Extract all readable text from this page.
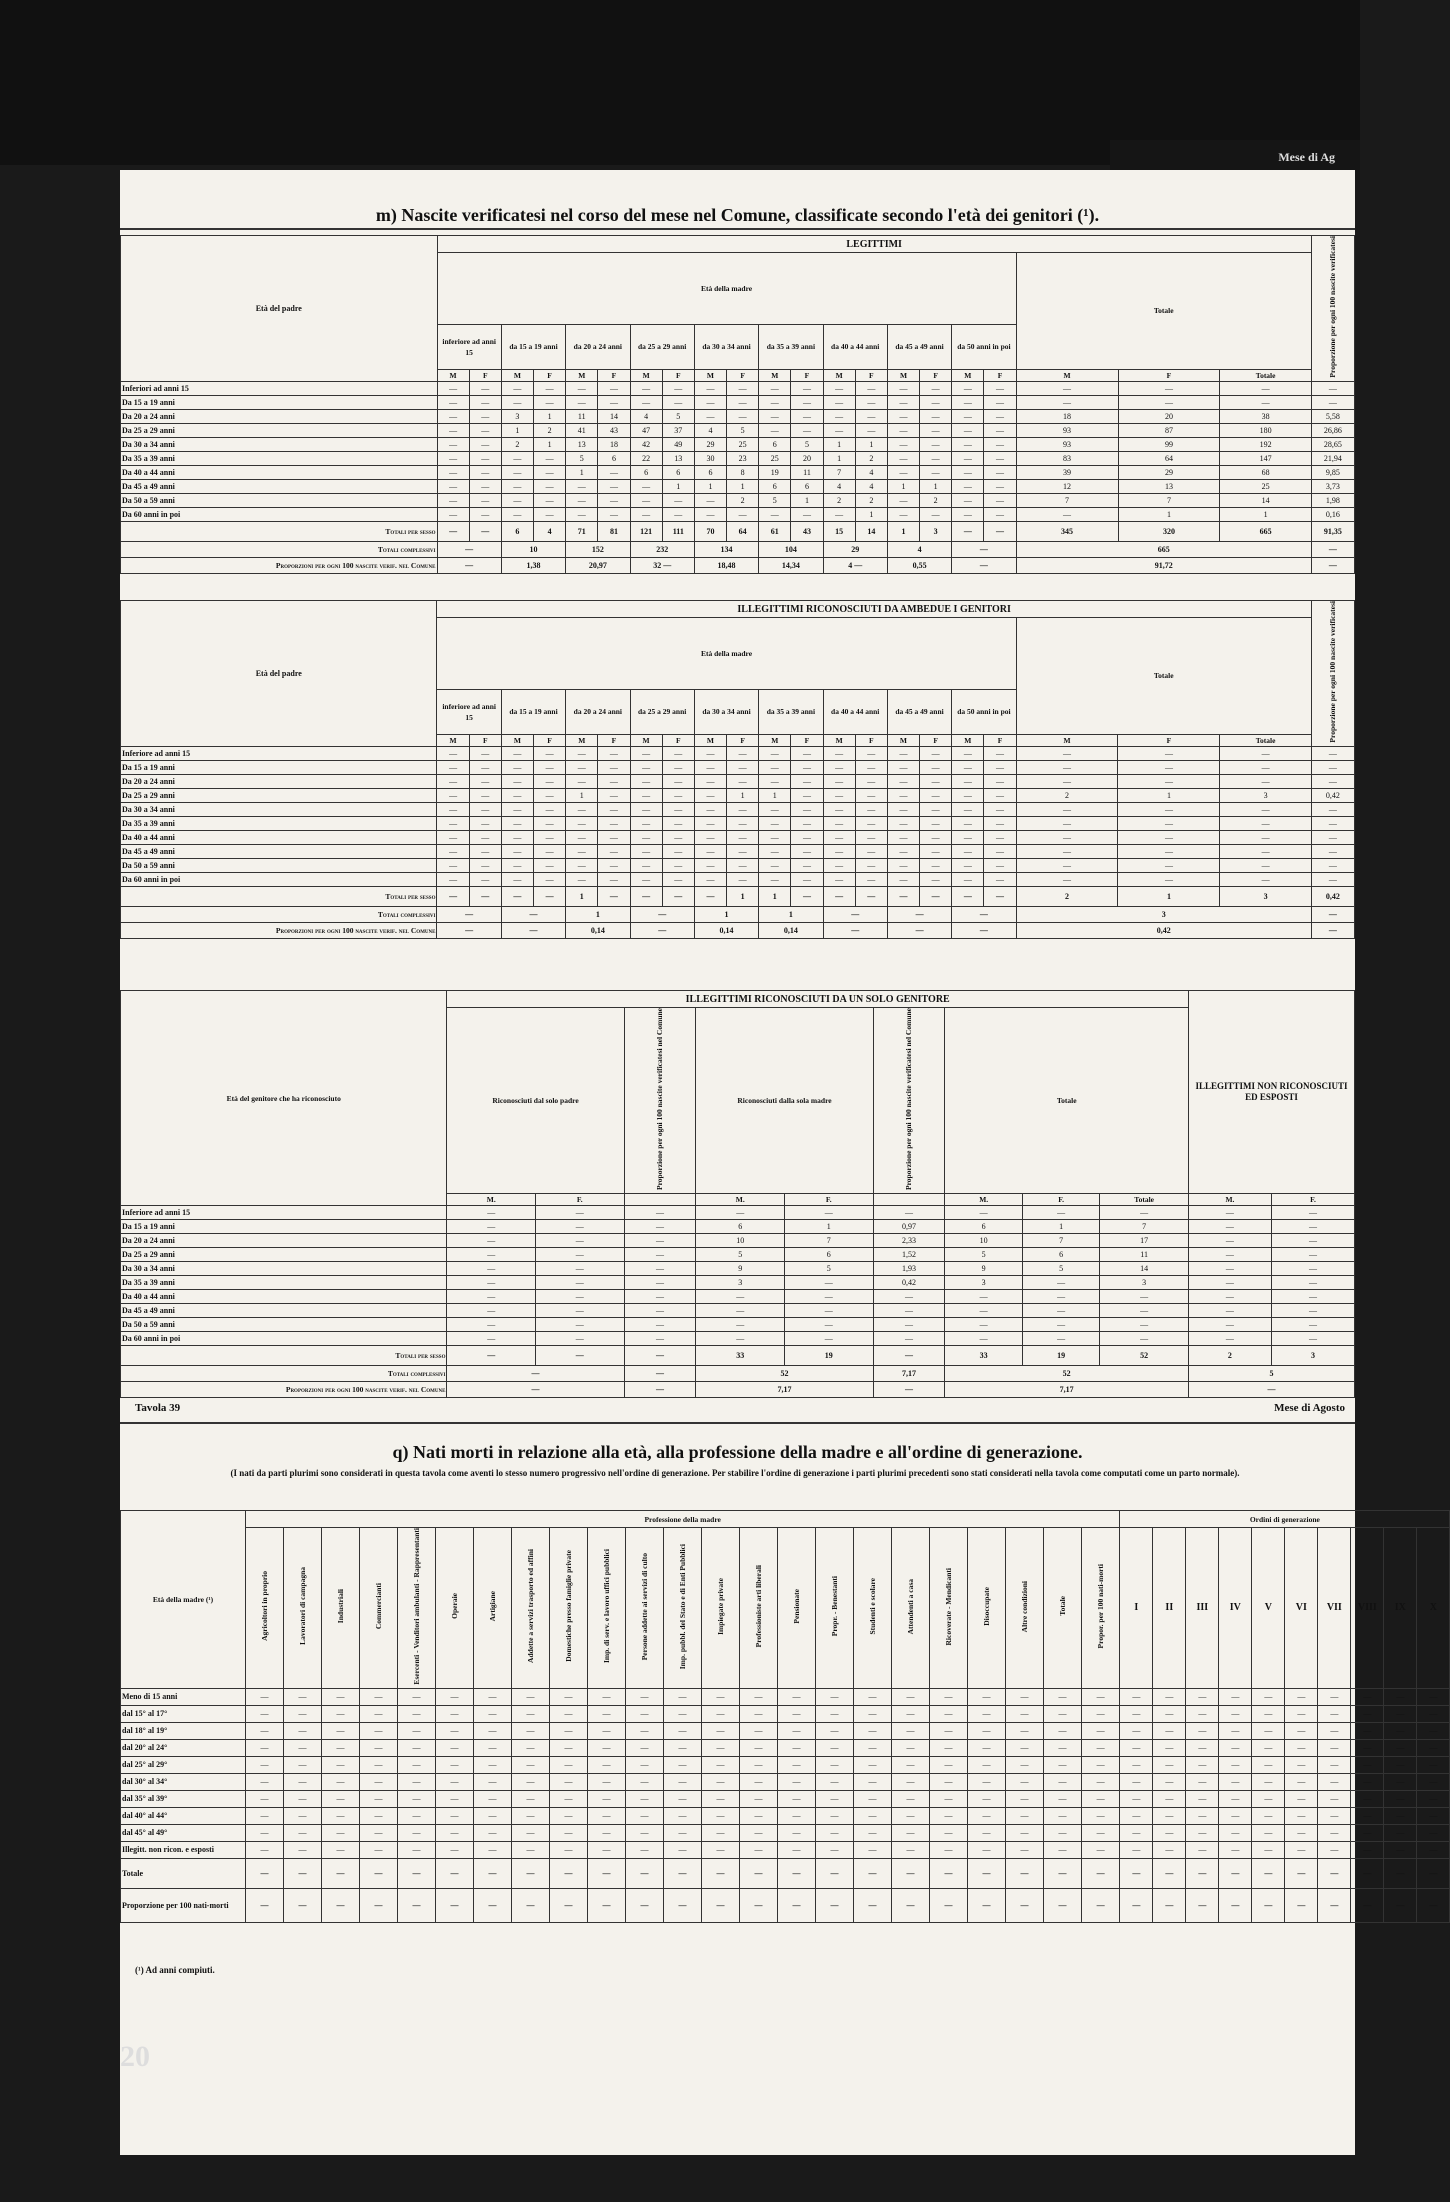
Mese di Ag
m) Nascite verificatesi nel corso del mese nel Comune, classificate secondo l'età dei genitori (¹).
Età del padre	LEGITTIMI																					Proporzione per ogni 100 nascite verificatesi
	Età della madre																		Totale			
	inferiore ad anni 15		da 15 a 19 anni		da 20 a 24 anni		da 25 a 29 anni		da 30 a 34 anni		da 35 a 39 anni		da 40 a 44 anni		da 45 a 49 anni		da 50 anni in poi					
	M	F	M	F	M	F	M	F	M	F	M	F	M	F	M	F	M	F	M	F	Totale	
Inferiori ad anni 15	—	—	—	—	—	—	—	—	—	—	—	—	—	—	—	—	—	—	—	—	—	—
Da 15 a 19 anni	—	—	—	—	—	—	—	—	—	—	—	—	—	—	—	—	—	—	—	—	—	—
Da 20 a 24 anni	—	—	3	1	11	14	4	5	—	—	—	—	—	—	—	—	—	—	18	20	38	5,58
Da 25 a 29 anni	—	—	1	2	41	43	47	37	4	5	—	—	—	—	—	—	—	—	93	87	180	26,86
Da 30 a 34 anni	—	—	2	1	13	18	42	49	29	25	6	5	1	1	—	—	—	—	93	99	192	28,65
Da 35 a 39 anni	—	—	—	—	5	6	22	13	30	23	25	20	1	2	—	—	—	—	83	64	147	21,94
Da 40 a 44 anni	—	—	—	—	1	—	6	6	6	8	19	11	7	4	—	—	—	—	39	29	68	9,85
Da 45 a 49 anni	—	—	—	—	—	—	—	1	1	1	6	6	4	4	1	1	—	—	12	13	25	3,73
Da 50 a 59 anni	—	—	—	—	—	—	—	—	—	2	5	1	2	2	—	2	—	—	7	7	14	1,98
Da 60 anni in poi	—	—	—	—	—	—	—	—	—	—	—	—	—	1	—	—	—	—	—	1	1	0,16
Totali per sesso	—	—	6	4	71	81	121	111	70	64	61	43	15	14	1	3	—	—	345	320	665	91,35
Totali complessivi	—		10		152		232		134		104		29		4		—		665			—
Proporzioni per ogni 100 nascite verif. nel Comune	—		1,38		20,97		32 —		18,48		14,34		4 —		0,55		—		91,72			—
Età del padre	ILLEGITTIMI RICONOSCIUTI DA AMBEDUE I GENITORI																					Proporzione per ogni 100 nascite verificatesi
	Età della madre																		Totale			
	inferiore ad anni 15		da 15 a 19 anni		da 20 a 24 anni		da 25 a 29 anni		da 30 a 34 anni		da 35 a 39 anni		da 40 a 44 anni		da 45 a 49 anni		da 50 anni in poi					
	M	F	M	F	M	F	M	F	M	F	M	F	M	F	M	F	M	F	M	F	Totale	
Inferiore ad anni 15	—	—	—	—	—	—	—	—	—	—	—	—	—	—	—	—	—	—	—	—	—	—
Da 15 a 19 anni	—	—	—	—	—	—	—	—	—	—	—	—	—	—	—	—	—	—	—	—	—	—
Da 20 a 24 anni	—	—	—	—	—	—	—	—	—	—	—	—	—	—	—	—	—	—	—	—	—	—
Da 25 a 29 anni	—	—	—	—	1	—	—	—	—	1	1	—	—	—	—	—	—	—	2	1	3	0,42
Da 30 a 34 anni	—	—	—	—	—	—	—	—	—	—	—	—	—	—	—	—	—	—	—	—	—	—
Da 35 a 39 anni	—	—	—	—	—	—	—	—	—	—	—	—	—	—	—	—	—	—	—	—	—	—
Da 40 a 44 anni	—	—	—	—	—	—	—	—	—	—	—	—	—	—	—	—	—	—	—	—	—	—
Da 45 a 49 anni	—	—	—	—	—	—	—	—	—	—	—	—	—	—	—	—	—	—	—	—	—	—
Da 50 a 59 anni	—	—	—	—	—	—	—	—	—	—	—	—	—	—	—	—	—	—	—	—	—	—
Da 60 anni in poi	—	—	—	—	—	—	—	—	—	—	—	—	—	—	—	—	—	—	—	—	—	—
Totali per sesso	—	—	—	—	1	—	—	—	—	1	1	—	—	—	—	—	—	—	2	1	3	0,42
Totali complessivi	—		—		1		—		1		1		—		—		—		3			—
Proporzioni per ogni 100 nascite verif. nel Comune	—		—		0,14		—		0,14		0,14		—		—		—		0,42			—
Età del genitore che ha riconosciuto	ILLEGITTIMI RICONOSCIUTI DA UN SOLO GENITORE									ILLEGITTIMI NON RICONOSCIUTI ED ESPOSTI	
	Riconosciuti dal solo padre		Proporzione per ogni 100 nascite verificatesi nel Comune	Riconosciuti dalla sola madre		Proporzione per ogni 100 nascite verificatesi nel Comune	Totale				
	M.	F.		M.	F.		M.	F.	Totale	M.	F.
Inferiore ad anni 15	—	—	—	—	—	—	—	—	—	—	—
Da 15 a 19 anni	—	—	—	6	1	0,97	6	1	7	—	—
Da 20 a 24 anni	—	—	—	10	7	2,33	10	7	17	—	—
Da 25 a 29 anni	—	—	—	5	6	1,52	5	6	11	—	—
Da 30 a 34 anni	—	—	—	9	5	1,93	9	5	14	—	—
Da 35 a 39 anni	—	—	—	3	—	0,42	3	—	3	—	—
Da 40 a 44 anni	—	—	—	—	—	—	—	—	—	—	—
Da 45 a 49 anni	—	—	—	—	—	—	—	—	—	—	—
Da 50 a 59 anni	—	—	—	—	—	—	—	—	—	—	—
Da 60 anni in poi	—	—	—	—	—	—	—	—	—	—	—
Totali per sesso	—	—	—	33	19	—	33	19	52	2	3
Totali complessivi	—		—	52		7,17	52			5	
Proporzioni per ogni 100 nascite verif. nel Comune	—		—	7,17		—	7,17			—	
Tavola 39	Mese di Agosto
q) Nati morti in relazione alla età, alla professione della madre e all'ordine di generazione.
(I nati da parti plurimi sono considerati in questa tavola come aventi lo stesso numero progressivo nell'ordine di generazione. Per stabilire l'ordine di generazione i parti plurimi precedenti sono stati considerati nella tavola come computati come un parto normale).
Età della madre (¹)	Professione della madre																							Ordini di generazione									
	Agricoltori in proprio	Lavoratori di campagna	Industriali	Commercianti	Esercenti - Venditori ambulanti - Rappresentanti	Operaie	Artigiane	Addette a servizi trasporto ed affini	Domestiche presso famiglie private	Imp. di serv. e lavoro uffici pubblici	Persone addette ai servizi di culto	Imp. pubbl. del Stato e di Enti Pubblici	Impiegate private	Professioniste arti liberali	Pensionate	Propr. - Benestanti	Studenti e scolare	Attendenti a casa	Ricoverate - Mendicanti	Disoccupate	Altre condizioni	Totale	Propor. per 100 nati-morti	I	II	III	IV	V	VI	VII	VIII	IX	X
Meno di 15 anni	—	—	—	—	—	—	—	—	—	—	—	—	—	—	—	—	—	—	—	—	—	—	—	—	—	—	—	—	—	—	—	—	—
dal 15° al 17°	—	—	—	—	—	—	—	—	—	—	—	—	—	—	—	—	—	—	—	—	—	—	—	—	—	—	—	—	—	—	—	—	—
dal 18° al 19°	—	—	—	—	—	—	—	—	—	—	—	—	—	—	—	—	—	—	—	—	—	—	—	—	—	—	—	—	—	—	—	—	—
dal 20° al 24°	—	—	—	—	—	—	—	—	—	—	—	—	—	—	—	—	—	—	—	—	—	—	—	—	—	—	—	—	—	—	—	—	—
dal 25° al 29°	—	—	—	—	—	—	—	—	—	—	—	—	—	—	—	—	—	—	—	—	—	—	—	—	—	—	—	—	—	—	—	—	—
dal 30° al 34°	—	—	—	—	—	—	—	—	—	—	—	—	—	—	—	—	—	—	—	—	—	—	—	—	—	—	—	—	—	—	—	—	—
dal 35° al 39°	—	—	—	—	—	—	—	—	—	—	—	—	—	—	—	—	—	—	—	—	—	—	—	—	—	—	—	—	—	—	—	—	—
dal 40° al 44°	—	—	—	—	—	—	—	—	—	—	—	—	—	—	—	—	—	—	—	—	—	—	—	—	—	—	—	—	—	—	—	—	—
dal 45° al 49°	—	—	—	—	—	—	—	—	—	—	—	—	—	—	—	—	—	—	—	—	—	—	—	—	—	—	—	—	—	—	—	—	—
Illegitt. non ricon. e esposti	—	—	—	—	—	—	—	—	—	—	—	—	—	—	—	—	—	—	—	—	—	—	—	—	—	—	—	—	—	—	—	—	—
Totale	—	—	—	—	—	—	—	—	—	—	—	—	—	—	—	—	—	—	—	—	—	—	—	—	—	—	—	—	—	—	—	—	—
Proporzione per 100 nati-morti	—	—	—	—	—	—	—	—	—	—	—	—	—	—	—	—	—	—	—	—	—	—	—	—	—	—	—	—	—	—	—	—	—
(¹) Ad anni compiuti.
20
